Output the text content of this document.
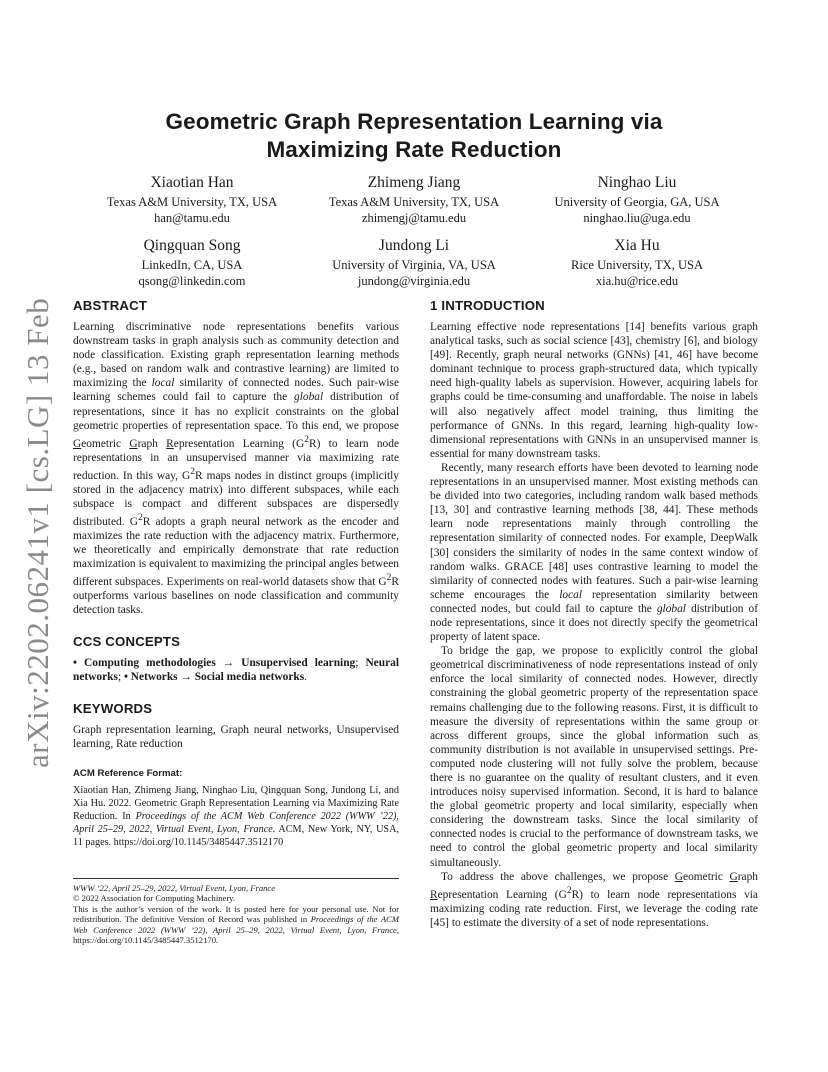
arXiv:2202.06241v1 [cs.LG] 13 Feb 2022
Geometric Graph Representation Learning via
Maximizing Rate Reduction
Xiaotian Han
Texas A&M University, TX, USA
han@tamu.edu
Zhimeng Jiang
Texas A&M University, TX, USA
zhimengj@tamu.edu
Ninghao Liu
University of Georgia, GA, USA
ninghao.liu@uga.edu
Qingquan Song
LinkedIn, CA, USA
qsong@linkedin.com
Jundong Li
University of Virginia, VA, USA
jundong@virginia.edu
Xia Hu
Rice University, TX, USA
xia.hu@rice.edu
ABSTRACT

Learning discriminative node representations benefits various downstream tasks in graph analysis such as community detection and node classification. Existing graph representation learning methods (e.g., based on random walk and contrastive learning) are limited to maximizing the local similarity of connected nodes. Such pair-wise learning schemes could fail to capture the global distribution of representations, since it has no explicit constraints on the global geometric properties of representation space. To this end, we propose Geometric Graph Representation Learning $(G^2R)$ to learn node representations in an unsupervised manner via maximizing rate reduction. In this way, $G^2R$ maps nodes in distinct groups (implicitly stored in the adjacency matrix) into different subspaces, while each subspace is compact and different subspaces are dispersedly distributed. $G^2R$ adopts a graph neural network as the encoder and maximizes the rate reduction with the adjacency matrix. Furthermore, we theoretically and empirically demonstrate that rate reduction maximization is equivalent to maximizing the principal angles between different subspaces. Experiments on real-world datasets show that $G^2R$ outperforms various baselines on node classification and community detection tasks.

CCS CONCEPTS

• Computing methodologies → Unsupervised learning; Neural networks; • Networks → Social media networks.

KEYWORDS

Graph representation learning, Graph neural networks, Unsupervised learning, Rate reduction

ACM Reference Format:

Xiaotian Han, Zhimeng Jiang, Ninghao Liu, Qingquan Song, Jundong Li, and Xia Hu. 2022. Geometric Graph Representation Learning via Maximizing Rate Reduction. In Proceedings of the ACM Web Conference 2022 (WWW ’22), April 25–29, 2022, Virtual Event, Lyon, France. ACM, New York, NY, USA, 11 pages. https://doi.org/10.1145/3485447.3512170

WWW ’22, April 25–29, 2022, Virtual Event, Lyon, France
© 2022 Association for Computing Machinery.
This is the author’s version of the work. It is posted here for your personal use. Not for redistribution. The definitive Version of Record was published in Proceedings of the ACM Web Conference 2022 (WWW ’22), April 25–29, 2022, Virtual Event, Lyon, France, https://doi.org/10.1145/3485447.3512170.
1 INTRODUCTION

Learning effective node representations [14] benefits various graph analytical tasks, such as social science [43], chemistry [6], and biology [49]. Recently, graph neural networks (GNNs) [41, 46] have become dominant technique to process graph-structured data, which typically need high-quality labels as supervision. However, acquiring labels for graphs could be time-consuming and unaffordable. The noise in labels will also negatively affect model training, thus limiting the performance of GNNs. In this regard, learning high-quality low-dimensional representations with GNNs in an unsupervised manner is essential for many downstream tasks.

Recently, many research efforts have been devoted to learning node representations in an unsupervised manner. Most existing methods can be divided into two categories, including random walk based methods [13, 30] and contrastive learning methods [38, 44]. These methods learn node representations mainly through controlling the representation similarity of connected nodes. For example, DeepWalk [30] considers the similarity of nodes in the same context window of random walks. GRACE [48] uses contrastive learning to model the similarity of connected nodes with features. Such a pair-wise learning scheme encourages the local representation similarity between connected nodes, but could fail to capture the global distribution of node representations, since it does not directly specify the geometrical property of latent space.

To bridge the gap, we propose to explicitly control the global geometrical discriminativeness of node representations instead of only enforce the local similarity of connected nodes. However, directly constraining the global geometric property of the representation space remains challenging due to the following reasons. First, it is difficult to measure the diversity of representations within the same group or across different groups, since the global information such as community distribution is not available in unsupervised settings. Pre-computed node clustering will not fully solve the problem, because there is no guarantee on the quality of resultant clusters, and it even introduces noisy supervised information. Second, it is hard to balance the global geometric property and local similarity, especially when considering the downstream tasks. Since the local similarity of connected nodes is crucial to the performance of downstream tasks, we need to control the global geometric property and local similarity simultaneously.

To address the above challenges, we propose Geometric Graph Representation Learning $(G^2R)$ to learn node representations via maximizing coding rate reduction. First, we leverage the coding rate [45] to estimate the diversity of a set of node representations.
